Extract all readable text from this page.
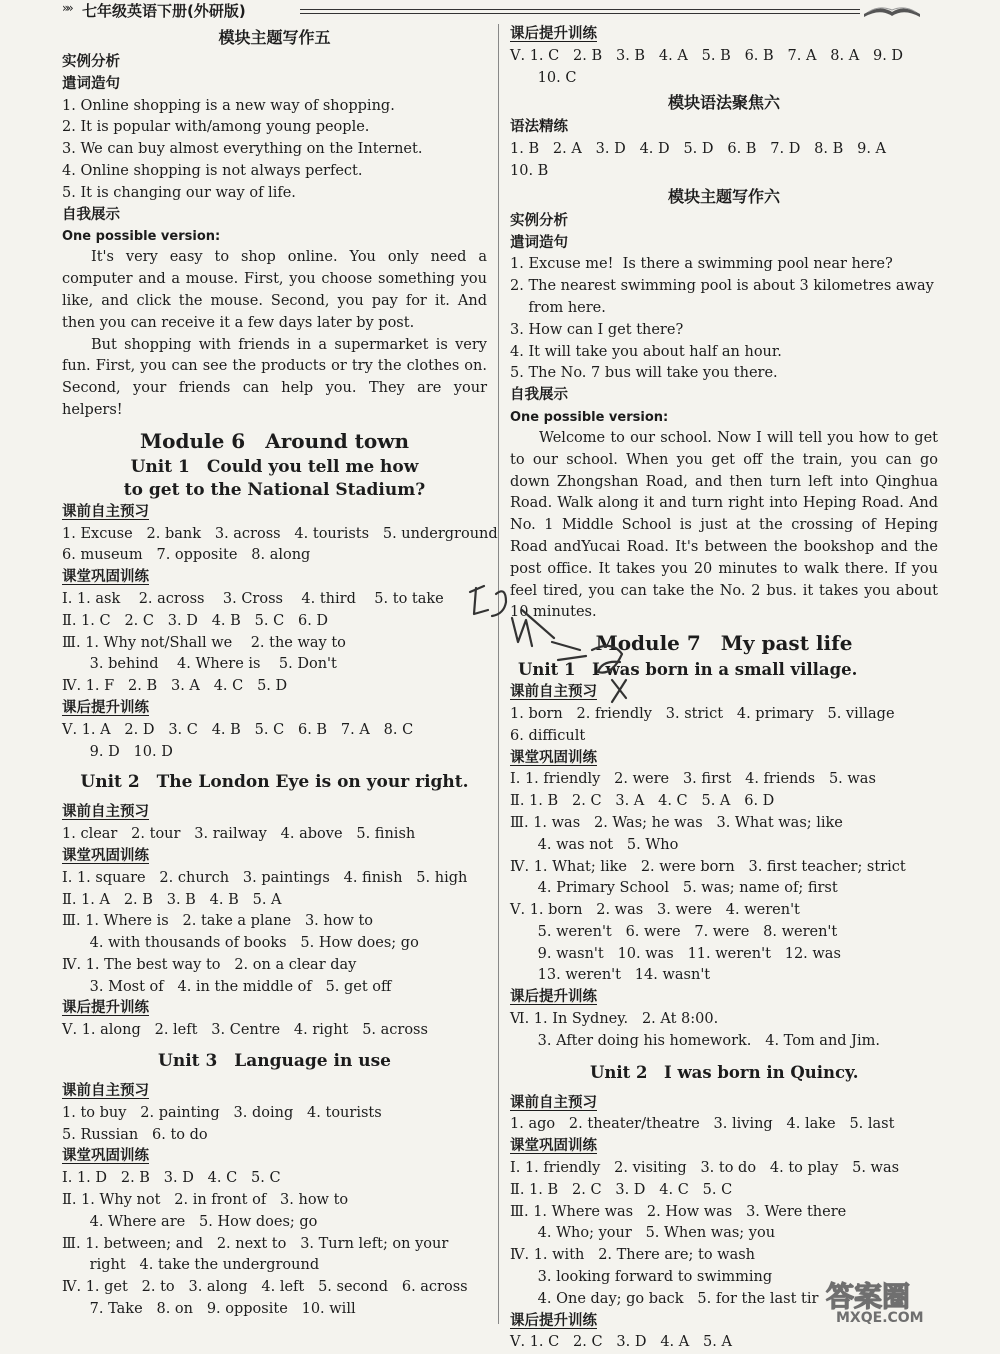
»» 七年级英语下册(外研版)
模块主题写作五
实例分析
遣词造句
1. Online shopping is a new way of shopping.
2. It is popular with/among young people.
3. We can buy almost everything on the Internet.
4. Online shopping is not always perfect.
5. It is changing our way of life.
自我展示
One possible version:
It's very easy to shop online. You only need a computer and a mouse. First, you choose something you like, and click the mouse. Second, you pay for it. And then you can receive it a few days later by post.
But shopping with friends in a supermarket is very fun. First, you can see the products or try the clothes on. Second, your friends can help you. They are your helpers!
Module 6　Around town
Unit 1　Could you tell me how
to get to the National Stadium?
课前自主预习
1. Excuse   2. bank   3. across   4. tourists   5. underground
6. museum   7. opposite   8. along
课堂巩固训练
Ⅰ. 1. ask    2. across    3. Cross    4. third    5. to take
Ⅱ. 1. C   2. C   3. D   4. B   5. C   6. D
Ⅲ. 1. Why not/Shall we    2. the way to
3. behind    4. Where is    5. Don't
Ⅳ. 1. F   2. B   3. A   4. C   5. D
课后提升训练
Ⅴ. 1. A   2. D   3. C   4. B   5. C   6. B   7. A   8. C
9. D   10. D
Unit 2　The London Eye is on your right.
课前自主预习
1. clear   2. tour   3. railway   4. above   5. finish
课堂巩固训练
Ⅰ. 1. square   2. church   3. paintings   4. finish   5. high
Ⅱ. 1. A   2. B   3. B   4. B   5. A
Ⅲ. 1. Where is   2. take a plane   3. how to
4. with thousands of books   5. How does; go
Ⅳ. 1. The best way to   2. on a clear day
3. Most of   4. in the middle of   5. get off
课后提升训练
Ⅴ. 1. along   2. left   3. Centre   4. right   5. across
Unit 3　Language in use
课前自主预习
1. to buy   2. painting   3. doing   4. tourists
5. Russian   6. to do
课堂巩固训练
Ⅰ. 1. D   2. B   3. D   4. C   5. C
Ⅱ. 1. Why not   2. in front of   3. how to
4. Where are   5. How does; go
Ⅲ. 1. between; and   2. next to   3. Turn left; on your
right   4. take the underground
Ⅳ. 1. get   2. to   3. along   4. left   5. second   6. across
7. Take   8. on   9. opposite   10. will
课后提升训练
Ⅴ. 1. C   2. B   3. B   4. A   5. B   6. B   7. A   8. A   9. D
10. C
模块语法聚焦六
语法精练
1. B   2. A   3. D   4. D   5. D   6. B   7. D   8. B   9. A
10. B
模块主题写作六
实例分析
遣词造句
1. Excuse me!  Is there a swimming pool near here?
2. The nearest swimming pool is about 3 kilometres away
from here.
3. How can I get there?
4. It will take you about half an hour.
5. The No. 7 bus will take you there.
自我展示
One possible version:
Welcome to our school. Now I will tell you how to get to our school. When you get off the train, you can go down Zhongshan Road, and then turn left into Qinghua Road. Walk along it and turn right into Heping Road. And No. 1 Middle School is just at the crossing of Heping Road andYucai Road. It's between the bookshop and the post office. It takes you 20 minutes to walk there. If you feel tired, you can take the No. 2 bus. it takes you about 10 minutes.
Module 7　My past life
Unit 1　I was born in a small village.
课前自主预习
1. born   2. friendly   3. strict   4. primary   5. village
6. difficult
课堂巩固训练
Ⅰ. 1. friendly   2. were   3. first   4. friends   5. was
Ⅱ. 1. B   2. C   3. A   4. C   5. A   6. D
Ⅲ. 1. was   2. Was; he was   3. What was; like
4. was not   5. Who
Ⅳ. 1. What; like   2. were born   3. first teacher; strict
4. Primary School   5. was; name of; first
Ⅴ. 1. born   2. was   3. were   4. weren't
5. weren't   6. were   7. were   8. weren't
9. wasn't   10. was   11. weren't   12. was
13. weren't   14. wasn't
课后提升训练
Ⅵ. 1. In Sydney.   2. At 8:00.
3. After doing his homework.   4. Tom and Jim.
Unit 2　I was born in Quincy.
课前自主预习
1. ago   2. theater/theatre   3. living   4. lake   5. last
课堂巩固训练
Ⅰ. 1. friendly   2. visiting   3. to do   4. to play   5. was
Ⅱ. 1. B   2. C   3. D   4. C   5. C
Ⅲ. 1. Where was   2. How was   3. Were there
4. Who; your   5. When was; you
Ⅳ. 1. with   2. There are; to wash
3. looking forward to swimming
4. One day; go back   5. for the last tir
课后提升训练
Ⅴ. 1. C   2. C   3. D   4. A   5. A
答案圈
MXQE.COM
